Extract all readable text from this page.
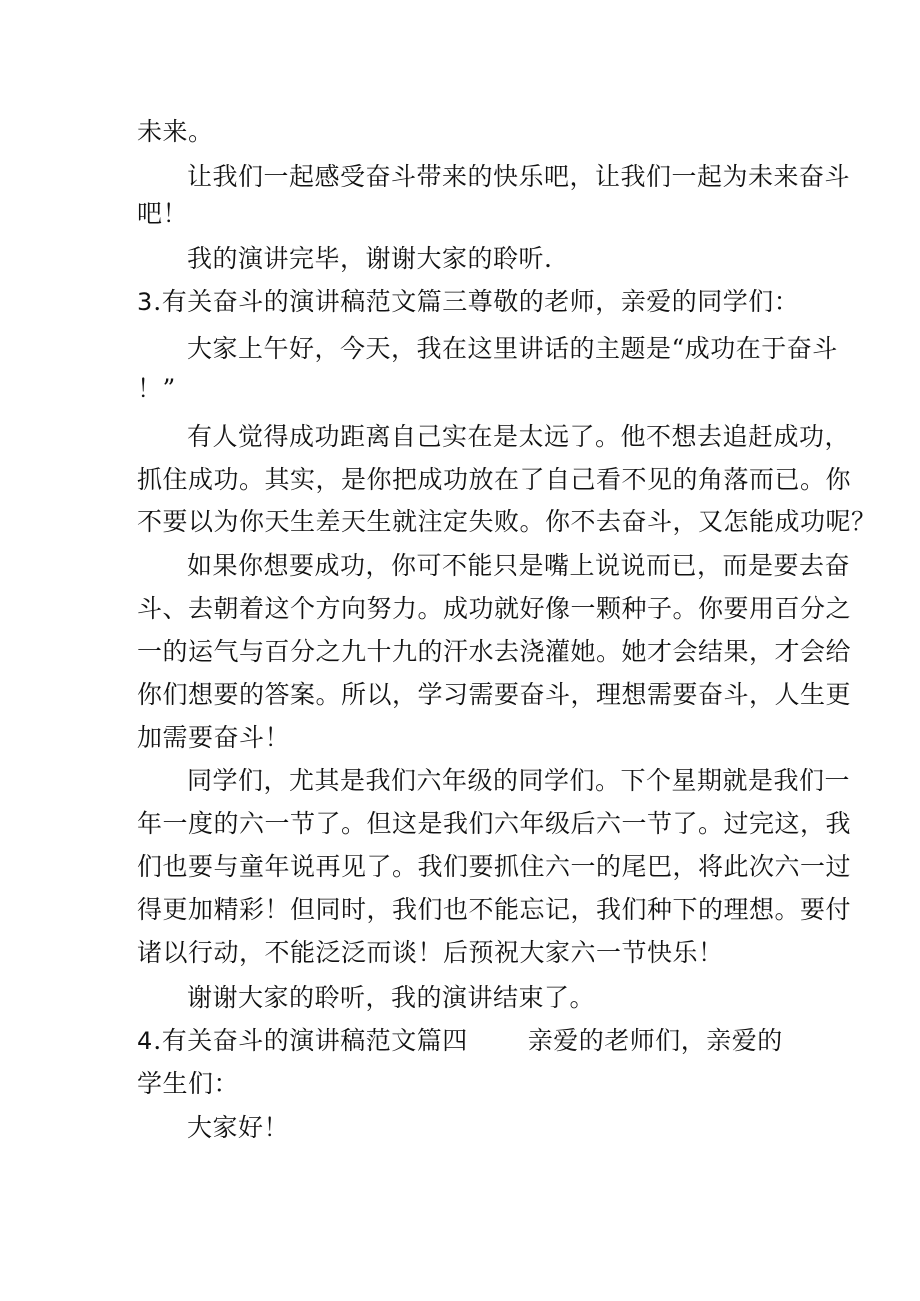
未来。
让我们一起感受奋斗带来的快乐吧，让我们一起为未来奋斗
吧！
我的演讲完毕，谢谢大家的聆听.
3.有关奋斗的演讲稿范文篇三尊敬的老师，亲爱的同学们：
大家上午好，今天，我在这里讲话的主题是“成功在于奋斗
！”
有人觉得成功距离自己实在是太远了。他不想去追赶成功，
抓住成功。其实，是你把成功放在了自己看不见的角落而已。你
不要以为你天生差天生就注定失败。你不去奋斗，又怎能成功呢？
如果你想要成功，你可不能只是嘴上说说而已，而是要去奋
斗、去朝着这个方向努力。成功就好像一颗种子。你要用百分之
一的运气与百分之九十九的汗水去浇灌她。她才会结果，才会给
你们想要的答案。所以，学习需要奋斗，理想需要奋斗，人生更
加需要奋斗！
同学们，尤其是我们六年级的同学们。下个星期就是我们一
年一度的六一节了。但这是我们六年级后六一节了。过完这，我
们也要与童年说再见了。我们要抓住六一的尾巴，将此次六一过
得更加精彩！但同时，我们也不能忘记，我们种下的理想。要付
诸以行动，不能泛泛而谈！后预祝大家六一节快乐！
谢谢大家的聆听，我的演讲结束了。
4.有关奋斗的演讲稿范文篇四 亲爱的老师们，亲爱的
学生们：
大家好！
